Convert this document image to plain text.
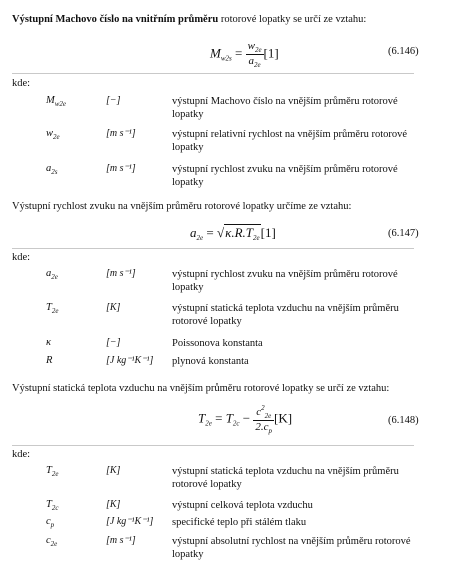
Výstupní Machovo číslo na vnitřním průměru rotorové lopatky se určí ze vztahu:
$M_{w2s} = \frac{w_{2e}}{a_{2e}} [1]$	(6.146)
kde:
$M_{w2e}$	[−]	výstupní Machovo číslo na vnějším průměru rotorové lopatky
$w_{2e}$	[m s⁻¹]	výstupní relativní rychlost na vnějším průměru rotorové lopatky
$a_{2s}$	[m s⁻¹]	výstupní rychlost zvuku na vnějším průměru rotorové lopatky
Výstupní rychlost zvuku na vnějším průměru rotorové lopatky určíme ze vztahu:
$a_{2e} = √\kappa.R.T_{2e}[1]$	(6.147)
kde:
$a_{2e}$	[m s⁻¹]	výstupní rychlost zvuku na vnějším průměru rotorové lopatky
$T_{2e}$	[K]	výstupní statická teplota vzduchu na vnějším průměru rotorové lopatky
κ	[−]	Poissonova konstanta
R	[J kg⁻¹K⁻¹] plynová konstanta
Výstupní statická teplota vzduchu na vnějším průměru rotorové lopatky se určí ze vztahu:
$T_{2e} = T_{2c} - \frac{c^2_{2e}}{2.c_p} [K]$	(6.148)
kde:
$T_{2e}$	[K]	výstupní statická teplota vzduchu na vnějším průměru rotorové lopatky
$T_{2c}$	[K]	výstupní celková teplota vzduchu
$c_p$	[J kg⁻¹K⁻¹] specifické teplo při stálém tlaku
$c_{2e}$	[m s⁻¹]	výstupní absolutní rychlost na vnějším průměru rotorové lopatky
